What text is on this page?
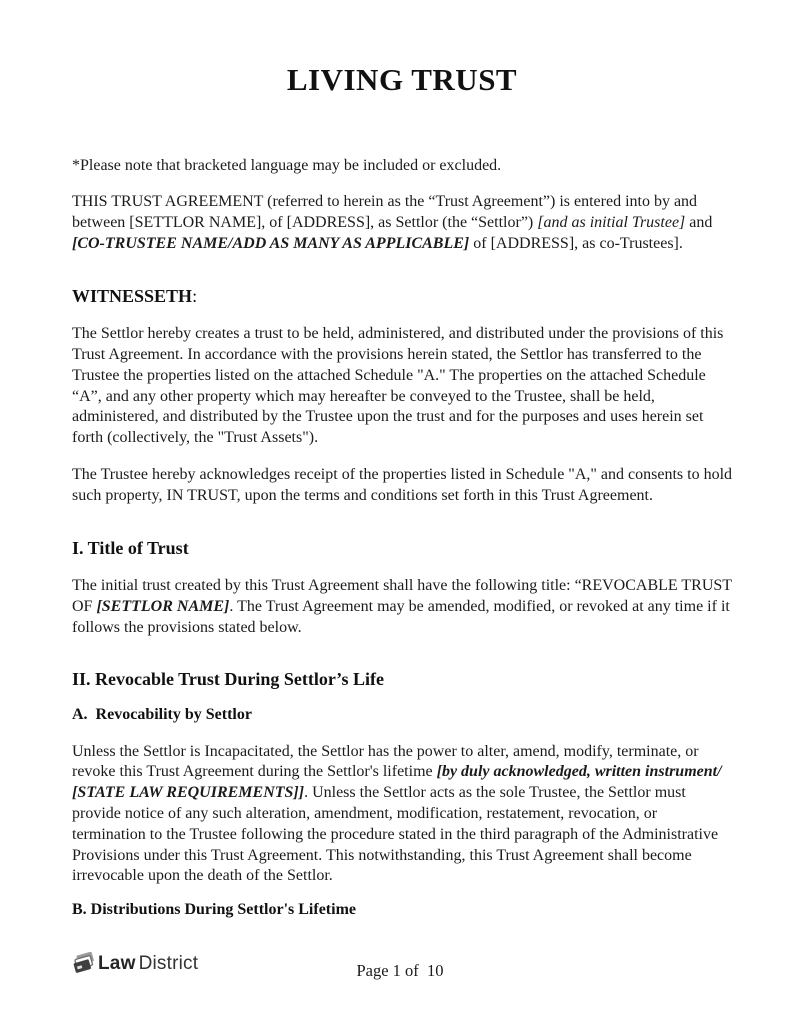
LIVING TRUST

*Please note that bracketed language may be included or excluded.

THIS TRUST AGREEMENT (referred to herein as the “Trust Agreement”) is entered into by and between [SETTLOR NAME], of [ADDRESS], as Settlor (the “Settlor”) [and as initial Trustee] and [CO-TRUSTEE NAME/ADD AS MANY AS APPLICABLE] of [ADDRESS], as co-Trustees].

WITNESSETH:

The Settlor hereby creates a trust to be held, administered, and distributed under the provisions of this Trust Agreement. In accordance with the provisions herein stated, the Settlor has transferred to the Trustee the properties listed on the attached Schedule "A." The properties on the attached Schedule “A”, and any other property which may hereafter be conveyed to the Trustee, shall be held, administered, and distributed by the Trustee upon the trust and for the purposes and uses herein set forth (collectively, the "Trust Assets").

The Trustee hereby acknowledges receipt of the properties listed in Schedule "A," and consents to hold such property, IN TRUST, upon the terms and conditions set forth in this Trust Agreement.

I. Title of Trust

The initial trust created by this Trust Agreement shall have the following title: “REVOCABLE TRUST OF [SETTLOR NAME]. The Trust Agreement may be amended, modified, or revoked at any time if it follows the provisions stated below.

II. Revocable Trust During Settlor’s Life
A.  Revocability by Settlor

Unless the Settlor is Incapacitated, the Settlor has the power to alter, amend, modify, terminate, or revoke this Trust Agreement during the Settlor's lifetime [by duly acknowledged, written instrument/ [STATE LAW REQUIREMENTS]]. Unless the Settlor acts as the sole Trustee, the Settlor must provide notice of any such alteration, amendment, modification, restatement, revocation, or termination to the Trustee following the procedure stated in the third paragraph of the Administrative Provisions under this Trust Agreement. This notwithstanding, this Trust Agreement shall become irrevocable upon the death of the Settlor.

B. Distributions During Settlor's Lifetime
Law District	Page 1 of  10
